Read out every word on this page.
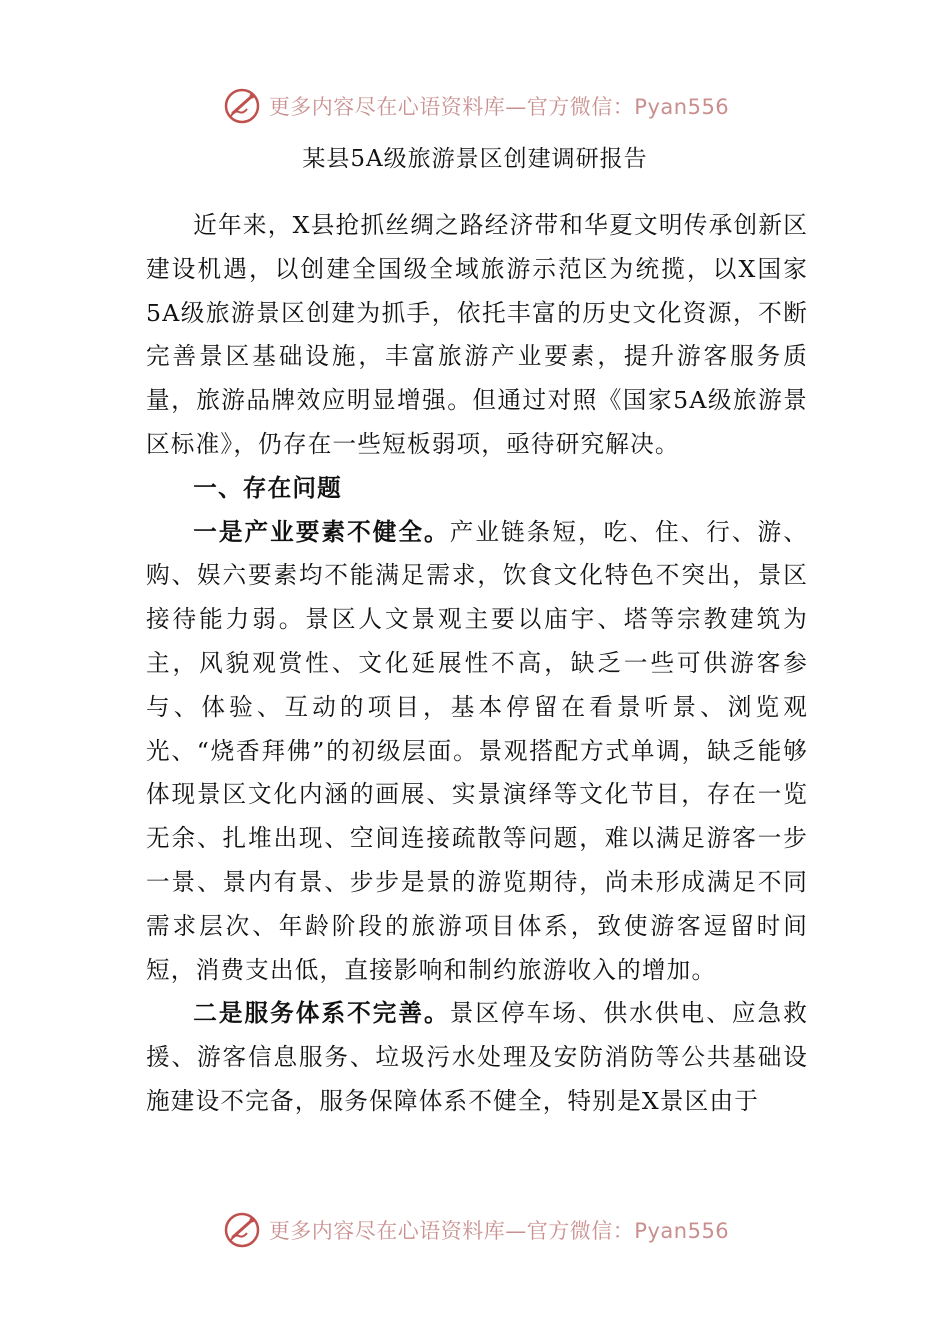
更多内容尽在心语资料库—官方微信：Pyan556
某县5A级旅游景区创建调研报告

近年来，X县抢抓丝绸之路经济带和华夏文明传承创新区建设机遇，以创建全国级全域旅游示范区为统揽，以X国家5A级旅游景区创建为抓手，依托丰富的历史文化资源，不断完善景区基础设施，丰富旅游产业要素，提升游客服务质量，旅游品牌效应明显增强。但通过对照《国家5A级旅游景区标准》，仍存在一些短板弱项，亟待研究解决。

一、存在问题

一是产业要素不健全。产业链条短，吃、住、行、游、购、娱六要素均不能满足需求，饮食文化特色不突出，景区接待能力弱。景区人文景观主要以庙宇、塔等宗教建筑为主，风貌观赏性、文化延展性不高，缺乏一些可供游客参与、体验、互动的项目，基本停留在看景听景、浏览观光、“烧香拜佛”的初级层面。景观搭配方式单调，缺乏能够体现景区文化内涵的画展、实景演绎等文化节目，存在一览无余、扎堆出现、空间连接疏散等问题，难以满足游客一步一景、景内有景、步步是景的游览期待，尚未形成满足不同需求层次、年龄阶段的旅游项目体系，致使游客逗留时间短，消费支出低，直接影响和制约旅游收入的增加。

二是服务体系不完善。景区停车场、供水供电、应急救援、游客信息服务、垃圾污水处理及安防消防等公共基础设施建设不完备，服务保障体系不健全，特别是X景区由于

更多内容尽在心语资料库—官方微信：Pyan556
